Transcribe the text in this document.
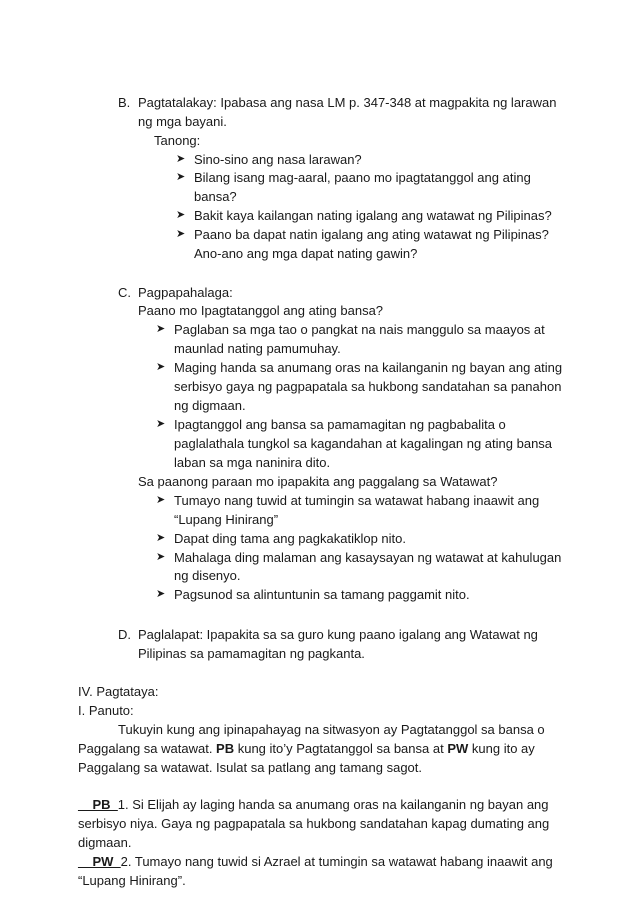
B. Pagtatalakay: Ipabasa ang nasa LM p. 347-348 at magpakita ng larawan
ng mga bayani.
Tanong:
➤ Sino-sino ang nasa larawan?
➤ Bilang isang mag-aaral, paano mo ipagtatanggol ang ating
bansa?
➤ Bakit kaya kailangan nating igalang ang watawat ng Pilipinas?
➤ Paano ba dapat natin igalang ang ating watawat ng Pilipinas?
Ano-ano ang mga dapat nating gawin?
C. Pagpapahalaga:
Paano mo Ipagtatanggol ang ating bansa?
➤ Paglaban sa mga tao o pangkat na nais manggulo sa maayos at
maunlad nating pamumuhay.
➤ Maging handa sa anumang oras na kailanganin ng bayan ang ating
serbisyo gaya ng pagpapatala sa hukbong sandatahan sa panahon
ng digmaan.
➤ Ipagtanggol ang bansa sa pamamagitan ng pagbabalita o
paglalathala tungkol sa kagandahan at kagalingan ng ating bansa
laban sa mga naninira dito.
Sa paanong paraan mo ipapakita ang paggalang sa Watawat?
➤ Tumayo nang tuwid at tumingin sa watawat habang inaawit ang
“Lupang Hinirang”
➤ Dapat ding tama ang pagkakatiklop nito.
➤ Mahalaga ding malaman ang kasaysayan ng watawat at kahulugan
ng disenyo.
➤ Pagsunod sa alintuntunin sa tamang paggamit nito.
D. Paglalapat: Ipapakita sa sa guro kung paano igalang ang Watawat ng
Pilipinas sa pamamagitan ng pagkanta.
IV. Pagtataya:
I. Panuto:
Tukuyin kung ang ipinapahayag na sitwasyon ay Pagtatanggol sa bansa o
Paggalang sa watawat. PB kung ito’y Pagtatanggol sa bansa at PW kung ito ay
Paggalang sa watawat. Isulat sa patlang ang tamang sagot.
__PB_1. Si Elijah ay laging handa sa anumang oras na kailanganin ng bayan ang
serbisyo niya. Gaya ng pagpapatala sa hukbong sandatahan kapag dumating ang
digmaan.
__PW_2. Tumayo nang tuwid si Azrael at tumingin sa watawat habang inaawit ang
“Lupang Hinirang”.
